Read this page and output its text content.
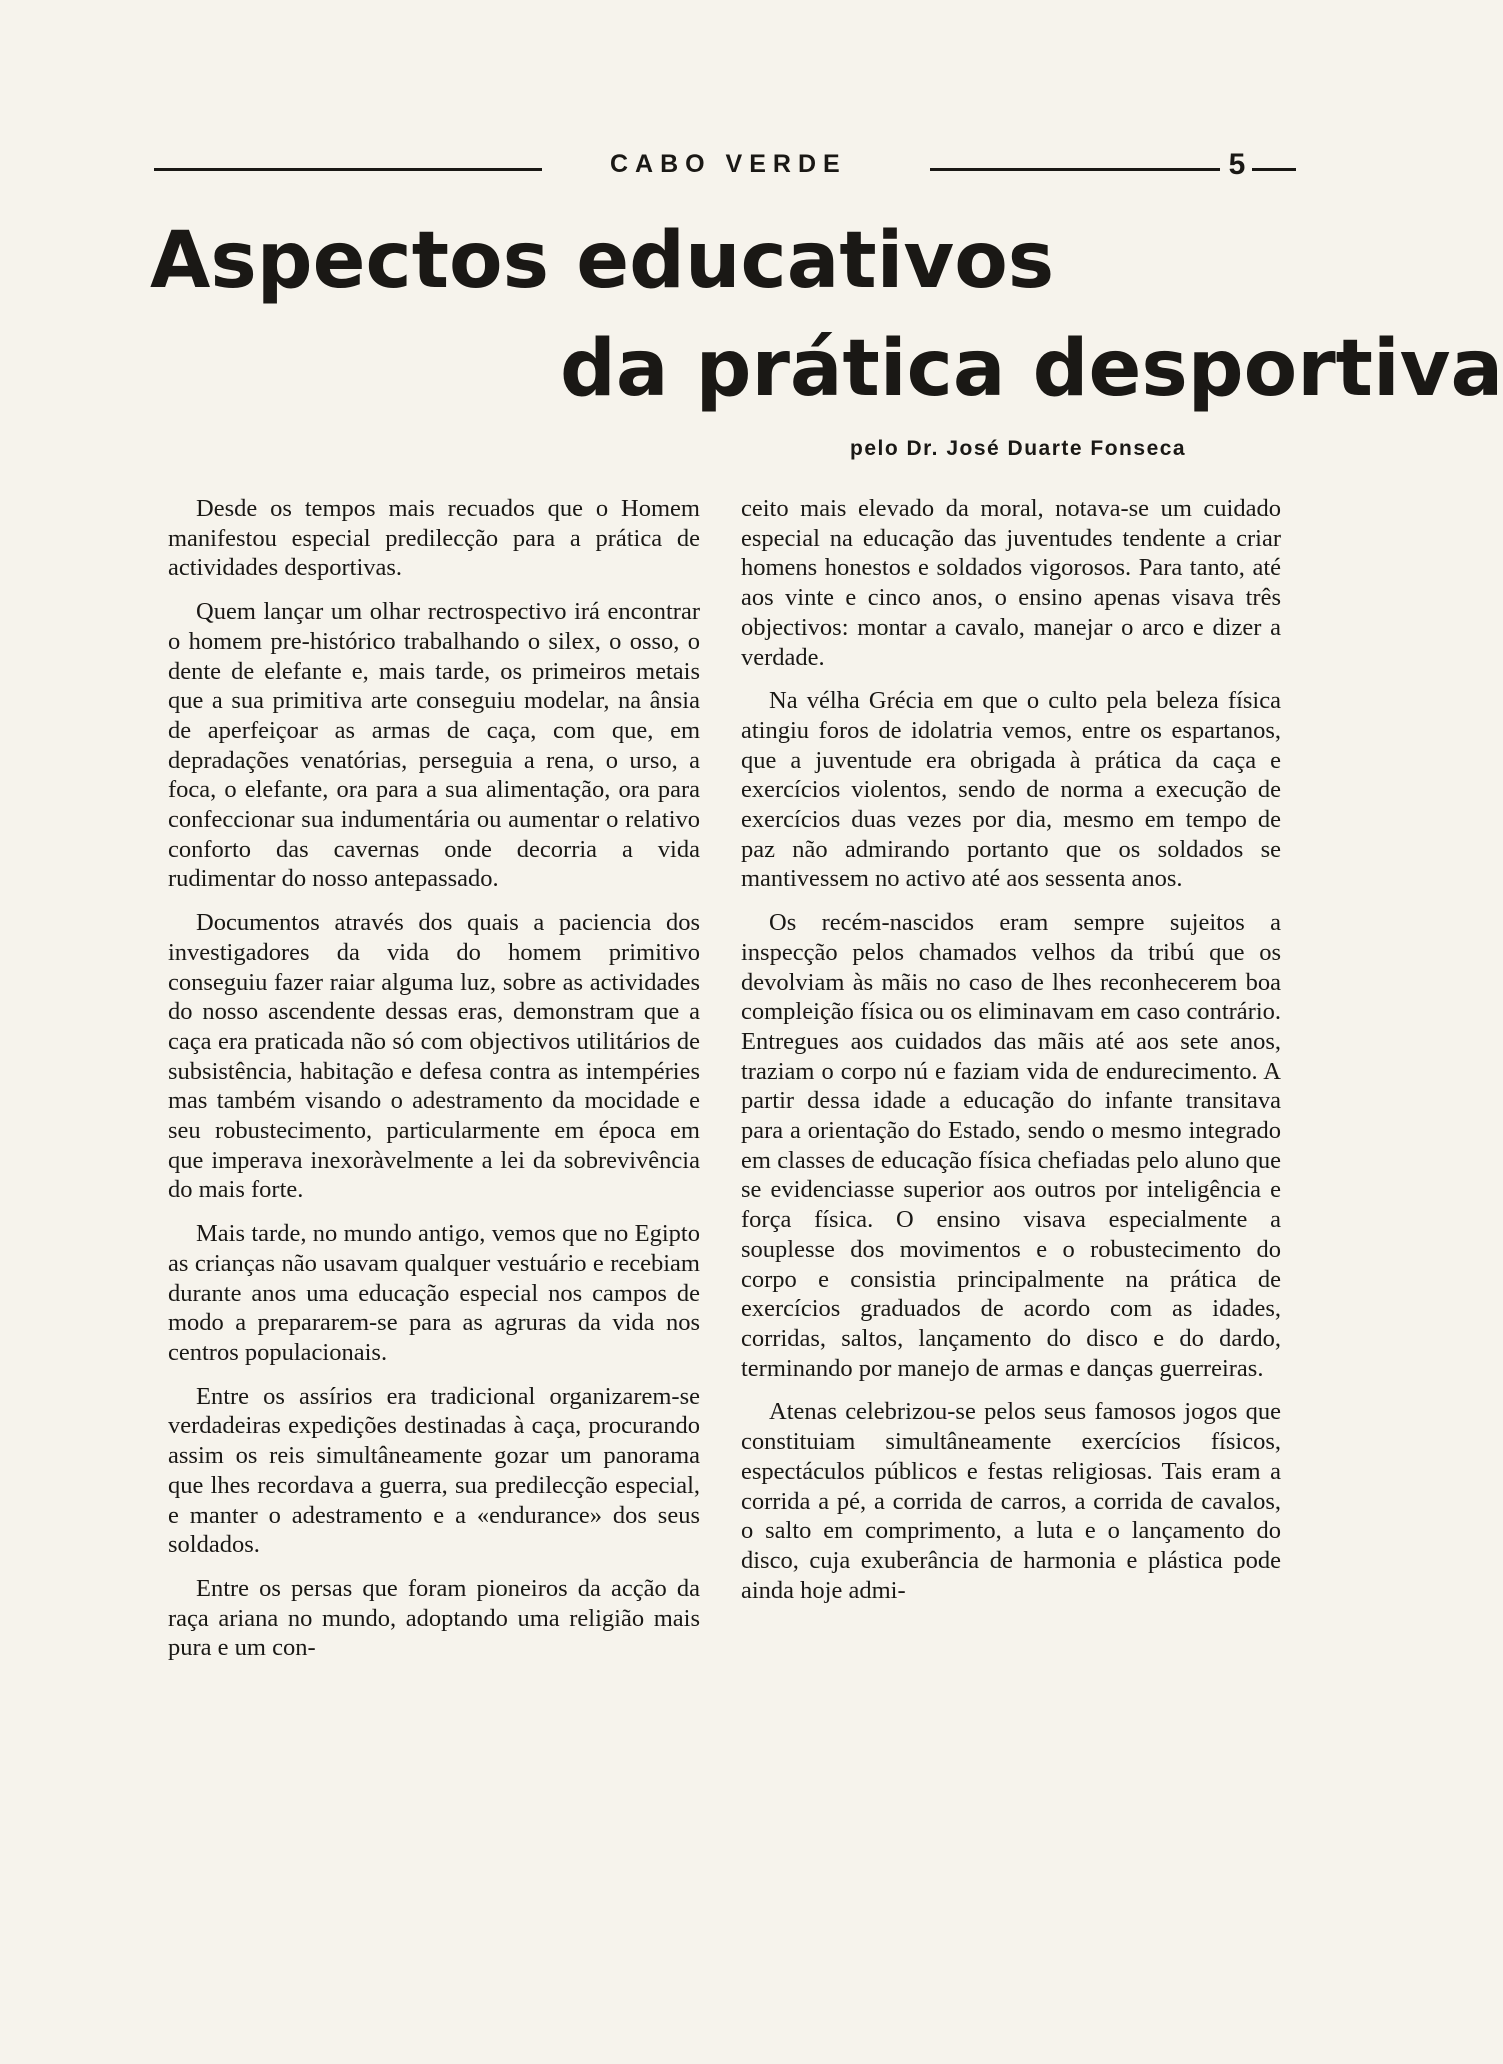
CABO VERDE	5
Aspectos educativos
da prática desportiva
pelo Dr. José Duarte Fonseca

Desde os tempos mais recuados que o Homem manifestou especial predilecção para a prática de actividades desportivas.

Quem lançar um olhar rectrospectivo irá encontrar o homem pre-histórico trabalhando o silex, o osso, o dente de elefante e, mais tarde, os primeiros metais que a sua primitiva arte conseguiu modelar, na ânsia de aperfeiçoar as armas de caça, com que, em depradações venatórias, perseguia a rena, o urso, a foca, o elefante, ora para a sua alimentação, ora para confeccionar sua indumentária ou aumentar o relativo conforto das cavernas onde decorria a vida rudimentar do nosso antepassado.

Documentos através dos quais a paciencia dos investigadores da vida do homem primitivo conseguiu fazer raiar alguma luz, sobre as actividades do nosso ascendente dessas eras, demonstram que a caça era praticada não só com objectivos utilitários de subsistência, habitação e defesa contra as intempéries mas também visando o adestramento da mocidade e seu robustecimento, particularmente em época em que imperava inexoràvelmente a lei da sobrevivência do mais forte.

Mais tarde, no mundo antigo, vemos que no Egipto as crianças não usavam qualquer vestuário e recebiam durante anos uma educação especial nos campos de modo a prepararem-se para as agruras da vida nos centros populacionais.

Entre os assírios era tradicional organizarem-se verdadeiras expedições destinadas à caça, procurando assim os reis simultâneamente gozar um panorama que lhes recordava a guerra, sua predilecção especial, e manter o adestramento e a «endurance» dos seus soldados.

Entre os persas que foram pioneiros da acção da raça ariana no mundo, adoptando uma religião mais pura e um con-

ceito mais elevado da moral, notava-se um cuidado especial na educação das juventudes tendente a criar homens honestos e soldados vigorosos. Para tanto, até aos vinte e cinco anos, o ensino apenas visava três objectivos: montar a cavalo, manejar o arco e dizer a verdade.

Na vélha Grécia em que o culto pela beleza física atingiu foros de idolatria vemos, entre os espartanos, que a juventude era obrigada à prática da caça e exercícios violentos, sendo de norma a execução de exercícios duas vezes por dia, mesmo em tempo de paz não admirando portanto que os soldados se mantivessem no activo até aos sessenta anos.

Os recém-nascidos eram sempre sujeitos a inspecção pelos chamados velhos da tribú que os devolviam às mãis no caso de lhes reconhecerem boa compleição física ou os eliminavam em caso contrário. Entregues aos cuidados das mãis até aos sete anos, traziam o corpo nú e faziam vida de endurecimento. A partir dessa idade a educação do infante transitava para a orientação do Estado, sendo o mesmo integrado em classes de educação física chefiadas pelo aluno que se evidenciasse superior aos outros por inteligência e força física. O ensino visava especialmente a souplesse dos movimentos e o robustecimento do corpo e consistia principalmente na prática de exercícios graduados de acordo com as idades, corridas, saltos, lançamento do disco e do dardo, terminando por manejo de armas e danças guerreiras.

Atenas celebrizou-se pelos seus famosos jogos que constituiam simultâneamente exercícios físicos, espectáculos públicos e festas religiosas. Tais eram a corrida a pé, a corrida de carros, a corrida de cavalos, o salto em comprimento, a luta e o lançamento do disco, cuja exuberância de harmonia e plástica pode ainda hoje admi-
